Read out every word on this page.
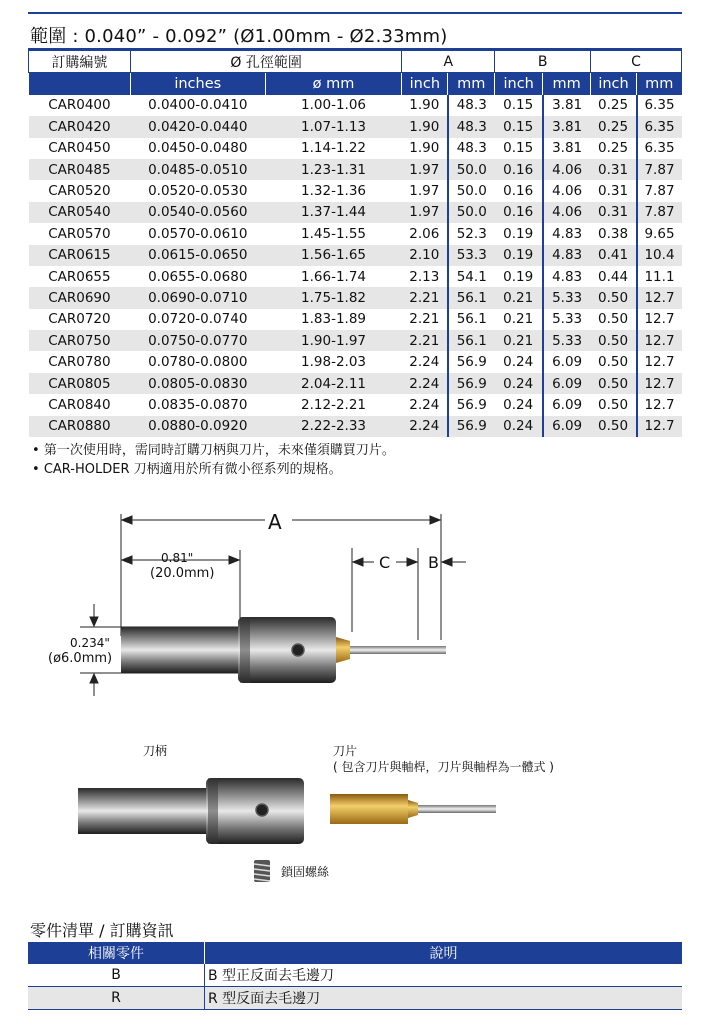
範圍 : 0.040” - 0.092” (Ø1.00mm - Ø2.33mm)
訂購編號	Ø 孔徑範圍		A		B		C	
	inches	ø mm	inch	mm	inch	mm	inch	mm
CAR0400	0.0400-0.0410	1.00-1.06	1.90	48.3	0.15	3.81	0.25	6.35
CAR0420	0.0420-0.0440	1.07-1.13	1.90	48.3	0.15	3.81	0.25	6.35
CAR0450	0.0450-0.0480	1.14-1.22	1.90	48.3	0.15	3.81	0.25	6.35
CAR0485	0.0485-0.0510	1.23-1.31	1.97	50.0	0.16	4.06	0.31	7.87
CAR0520	0.0520-0.0530	1.32-1.36	1.97	50.0	0.16	4.06	0.31	7.87
CAR0540	0.0540-0.0560	1.37-1.44	1.97	50.0	0.16	4.06	0.31	7.87
CAR0570	0.0570-0.0610	1.45-1.55	2.06	52.3	0.19	4.83	0.38	9.65
CAR0615	0.0615-0.0650	1.56-1.65	2.10	53.3	0.19	4.83	0.41	10.4
CAR0655	0.0655-0.0680	1.66-1.74	2.13	54.1	0.19	4.83	0.44	11.1
CAR0690	0.0690-0.0710	1.75-1.82	2.21	56.1	0.21	5.33	0.50	12.7
CAR0720	0.0720-0.0740	1.83-1.89	2.21	56.1	0.21	5.33	0.50	12.7
CAR0750	0.0750-0.0770	1.90-1.97	2.21	56.1	0.21	5.33	0.50	12.7
CAR0780	0.0780-0.0800	1.98-2.03	2.24	56.9	0.24	6.09	0.50	12.7
CAR0805	0.0805-0.0830	2.04-2.11	2.24	56.9	0.24	6.09	0.50	12.7
CAR0840	0.0835-0.0870	2.12-2.21	2.24	56.9	0.24	6.09	0.50	12.7
CAR0880	0.0880-0.0920	2.22-2.33	2.24	56.9	0.24	6.09	0.50	12.7
• 第一次使用時，需同時訂購刀柄與刀片，未來僅須購買刀片。
• CAR-HOLDER 刀柄適用於所有微小徑系列的規格。
A
0.81"
(20.0mm)
C B
0.234"
(ø6.0mm)
刀柄	刀片
( 包含刀片與軸桿，刀片與軸桿為一體式 )
鎖固螺絲
零件清單 / 訂購資訊
相關零件	說明
B	B 型正反面去毛邊刀
R	R 型反面去毛邊刀
